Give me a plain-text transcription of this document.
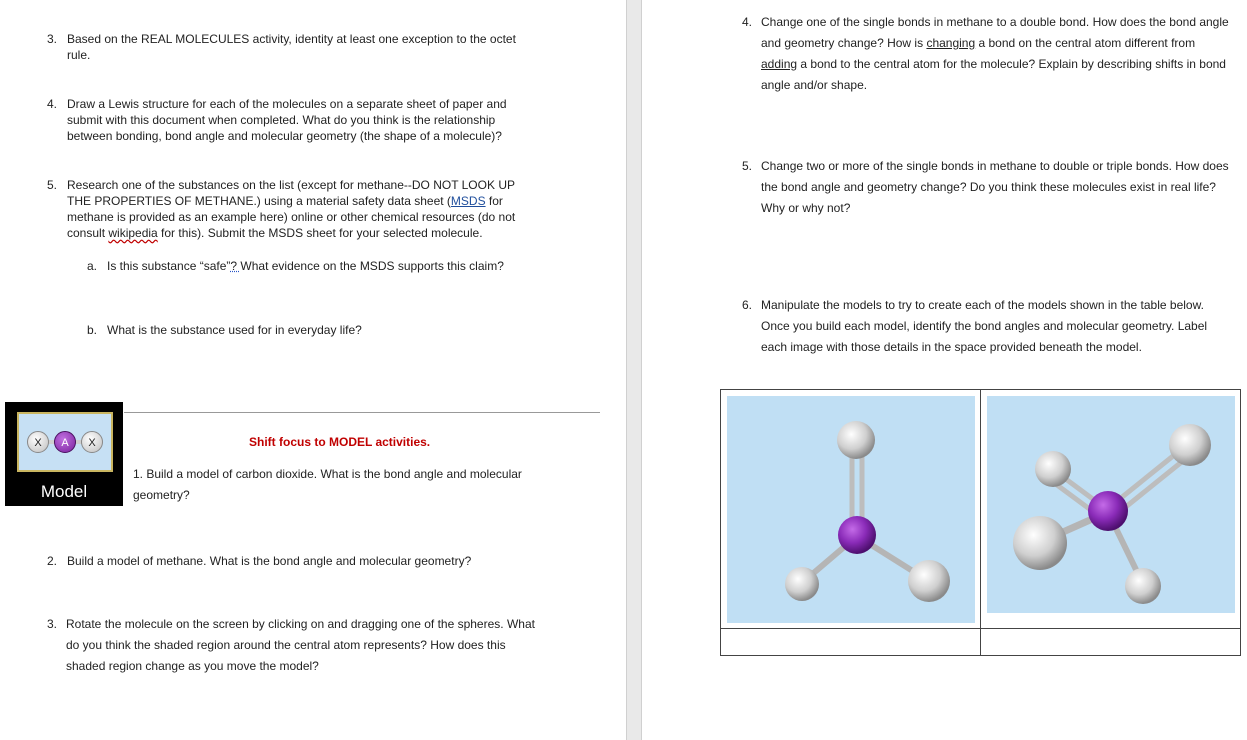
3. Based on the REAL MOLECULES activity, identity at least one exception to the octet
rule.
4. Draw a Lewis structure for each of the molecules on a separate sheet of paper and
submit with this document when completed. What do you think is the relationship
between bonding, bond angle and molecular geometry (the shape of a molecule)?
5. Research one of the substances on the list (except for methane--DO NOT LOOK UP
THE PROPERTIES OF METHANE.) using a material safety data sheet (MSDS for
methane is provided as an example here) online or other chemical resources (do not
consult wikipedia for this). Submit the MSDS sheet for your selected molecule.
a. Is this substance “safe”? What evidence on the MSDS supports this claim?
b. What is the substance used for in everyday life?
X	A	X
Model
Shift focus to MODEL activities.
1. Build a model of carbon dioxide. What is the bond angle and molecular
geometry?
2. Build a model of methane. What is the bond angle and molecular geometry?
3. Rotate the molecule on the screen by clicking on and dragging one of the spheres. What
do you think the shaded region around the central atom represents? How does this
shaded region change as you move the model?
4. Change one of the single bonds in methane to a double bond. How does the bond angle
and geometry change? How is changing a bond on the central atom different from
adding a bond to the central atom for the molecule? Explain by describing shifts in bond
angle and/or shape.
5. Change two or more of the single bonds in methane to double or triple bonds. How does
the bond angle and geometry change? Do you think these molecules exist in real life?
Why or why not?
6. Manipulate the models to try to create each of the models shown in the table below.
Once you build each model, identify the bond angles and molecular geometry. Label
each image with those details in the space provided beneath the model.
